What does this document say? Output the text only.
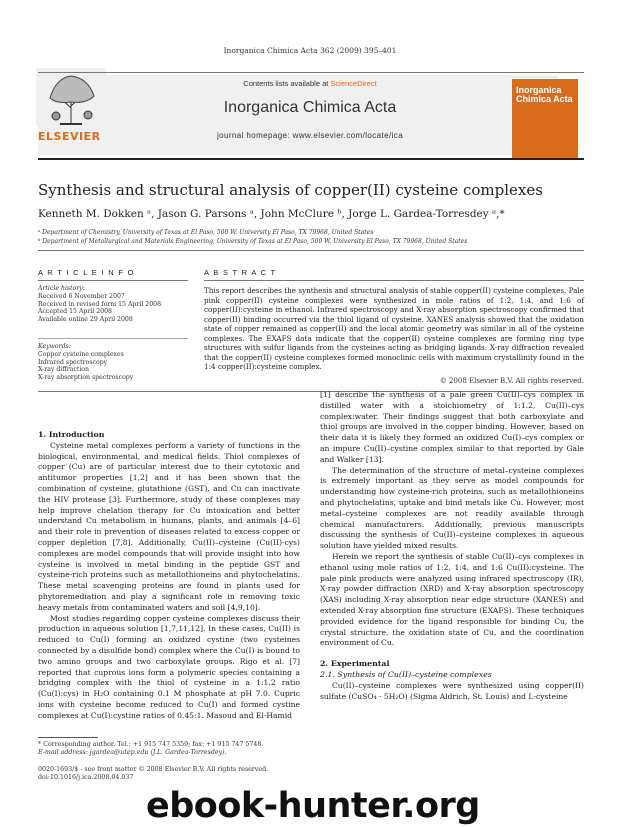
Inorganica Chimica Acta 362 (2009) 395–401
ELSEVIER
Contents lists available at ScienceDirect
Inorganica Chimica Acta
journal homepage: www.elsevier.com/locate/ica
Inorganica Chimica Acta
Synthesis and structural analysis of copper(II) cysteine complexes
Kenneth M. Dokken ᵃ, Jason G. Parsons ᵃ, John McClure ᵇ, Jorge L. Gardea-Torresdey ᵃ,*
ᵃ Department of Chemistry, University of Texas at El Paso, 500 W. University El Paso, TX 79968, United States
ᵇ Department of Metallurgical and Materials Engineering, University of Texas at El Paso, 500 W. University El Paso, TX 79968, United States
A R T I C L E I N F O
Article history:
Received 6 November 2007
Received in revised form 15 April 2008
Accepted 15 April 2008
Available online 29 April 2008
Keywords:
Copper cysteine complexes
Infrared spectroscopy
X-ray diffraction
X-ray absorption spectroscopy
A B S T R A C T
This report describes the synthesis and structural analysis of stable copper(II) cysteine complexes. Pale pink copper(II) cysteine complexes were synthesized in mole ratios of 1:2, 1:4, and 1:6 of copper(II):cysteine in ethanol. Infrared spectroscopy and X-ray absorption spectroscopy confirmed that copper(II) binding occurred via the thiol ligand of cysteine. XANES analysis showed that the oxidation state of copper remained as copper(II) and the local atomic geometry was similar in all of the cysteine complexes. The EXAFS data indicate that the copper(II) cysteine complexes are forming ring type structures with sulfur ligands from the cysteines acting as bridging ligands. X-ray diffraction revealed that the copper(II) cysteine complexes formed monoclinic cells with maximum crystallinity found in the 1:4 copper(II):cysteine complex.
© 2008 Elsevier B.V. All rights reserved.

1. Introduction

Cysteine metal complexes perform a variety of functions in the biological, environmental, and medical fields. Thiol complexes of copper (Cu) are of particular interest due to their cytotoxic and antitumor properties [1,2] and it has been shown that the combination of cysteine, glutathione (GST), and Cu can inactivate the HIV protease [3]. Furthermore, study of these complexes may help improve chelation therapy for Cu intoxication and better understand Cu metabolism in humans, plants, and animals [4–6] and their role in prevention of diseases related to excess copper or copper depletion [7,8]. Additionally, Cu(II)–cysteine (Cu(II)-cys) complexes are model compounds that will provide insight into how cysteine is involved in metal binding in the peptide GST and cysteine-rich proteins such as metallothioneins and phytochelatins. These metal scavenging proteins are found in plants used for phytoremediation and play a significant role in removing toxic heavy metals from contaminated waters and soil [4,9,10].

Most studies regarding copper cysteine complexes discuss their production in aqueous solution [1,7,11,12]. In these cases, Cu(II) is reduced to Cu(I) forming an oxidized cystine (two cysteines connected by a disulfide bond) complex where the Cu(I) is bound to two amino groups and two carboxylate groups. Rigo et al. [7] reported that cuprous ions form a polymeric species containing a bridging complex with the thiol of cysteine in a 1:1.2 ratio (Cu(I):cys) in H₂O containing 0.1 M phosphate at pH 7.0. Cupric ions with cysteine become reduced to Cu(I) and formed cystine complexes at Cu(I):cystine ratios of 0.45:1. Masoud and El-Hamid

[1] describe the synthesis of a pale green Cu(II)–cys complex in distilled water with a stoichiometry of 1:1.2, Cu(II)–cys complex:water. Their findings suggest that both carboxylate and thiol groups are involved in the copper binding. However, based on their data it is likely they formed an oxidized Cu(I)–cys complex or an impure Cu(II)–cystine complex similar to that reported by Gale and Walker [13].

The determination of the structure of metal–cysteine complexes is extremely important as they serve as model compounds for understanding how cysteine-rich proteins, such as metallothioneins and phytochelatins, uptake and bind metals like Cu. However, most metal–cysteine complexes are not readily available through chemical manufacturers. Additionally, previous manuscripts discussing the synthesis of Cu(II)–cysteine complexes in aqueous solution have yielded mixed results.

Herein we report the synthesis of stable Cu(II)–cys complexes in ethanol using mole ratios of 1:2, 1:4, and 1:6 Cu(II):cysteine. The pale pink products were analyzed using infrared spectroscopy (IR), X-ray powder diffraction (XRD) and X-ray absorption spectroscopy (XAS) including X-ray absorption near edge structure (XANES) and extended X-ray absorption fine structure (EXAFS). These techniques provided evidence for the ligand responsible for binding Cu, the crystal structure, the oxidation state of Cu, and the coordination environment of Cu.

2. Experimental

2.1. Synthesis of Cu(II)–cysteine complexes

Cu(II)–cysteine complexes were synthesized using copper(II) sulfate (CuSO₄ · 5H₂O) (Sigma Aldrich, St. Louis) and L-cysteine

* Corresponding author. Tel.: +1 915 747 5359; fax: +1 915 747 5748.
E-mail address: jgardea@utep.edu (J.L. Gardea-Torresdey).
0020-1693/$ - see front matter © 2008 Elsevier B.V. All rights reserved.
doi:10.1016/j.ica.2008.04.037
ebook-hunter.org
